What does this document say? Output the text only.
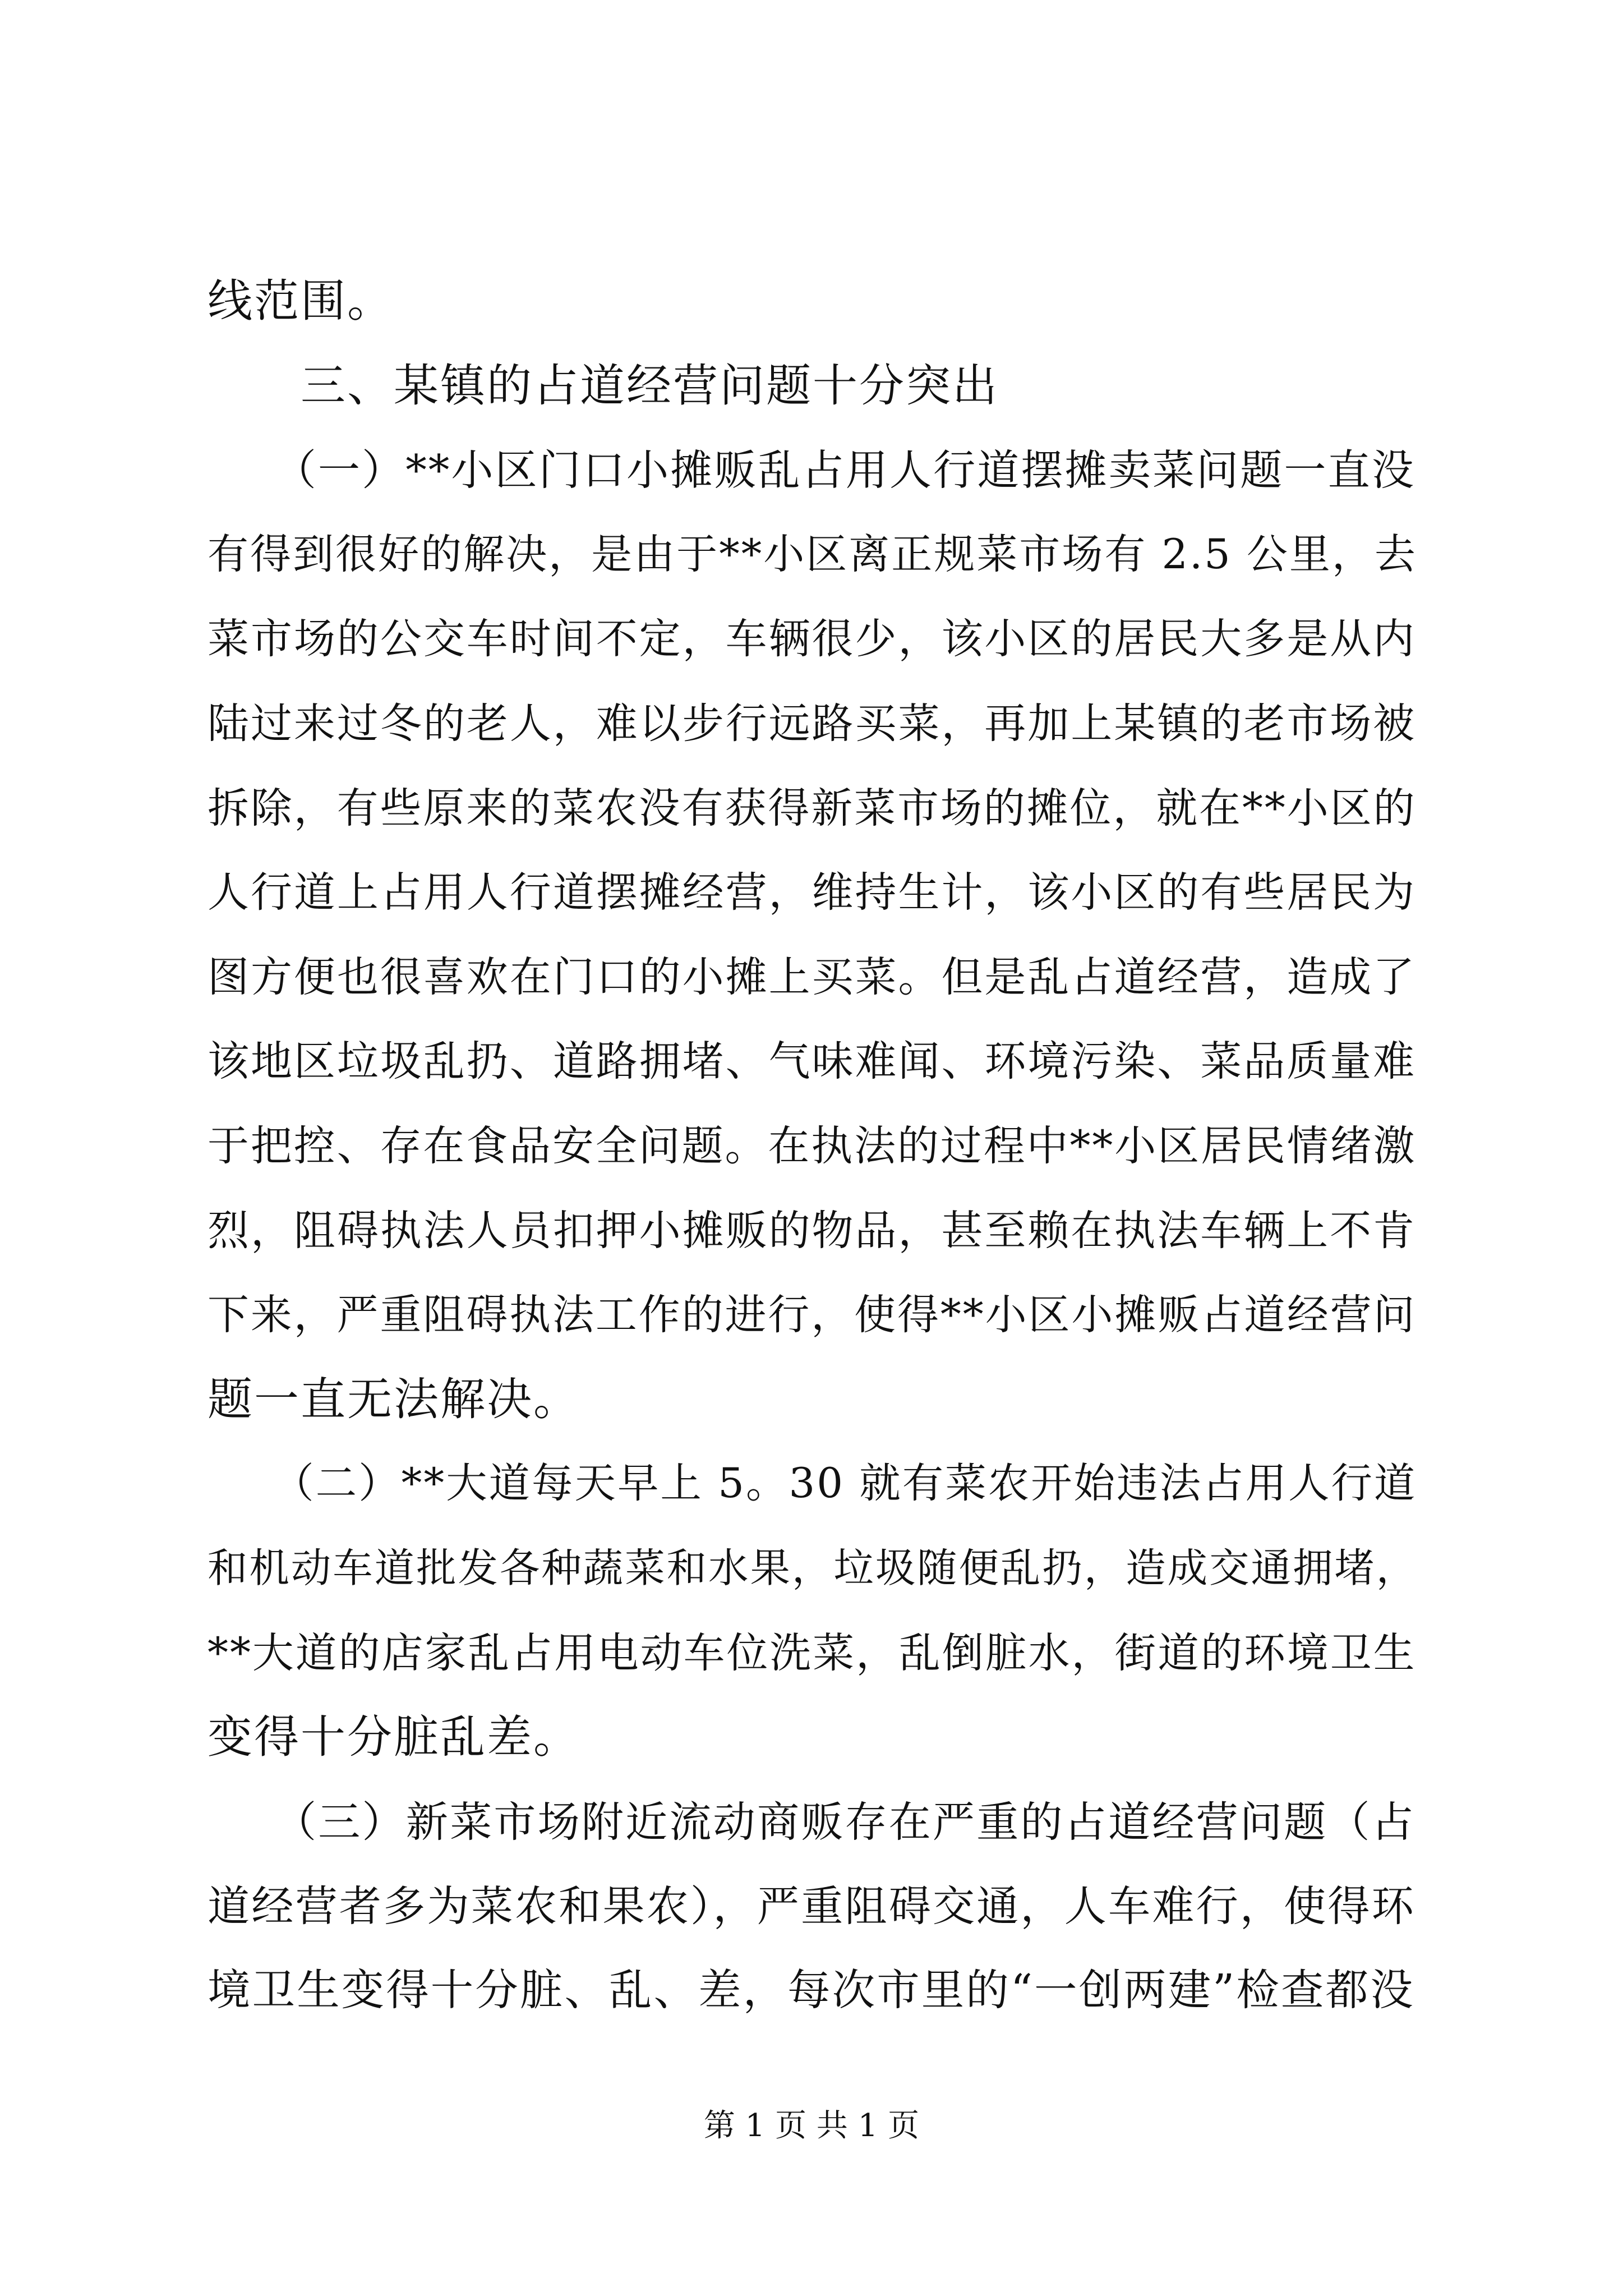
线范围。
　　三、某镇的占道经营问题十分突出
　　（一）**小区门口小摊贩乱占用人行道摆摊卖菜问题一直没
有得到很好的解决，是由于**小区离正规菜市场有 2.5 公里，去
菜市场的公交车时间不定，车辆很少，该小区的居民大多是从内
陆过来过冬的老人，难以步行远路买菜，再加上某镇的老市场被
拆除，有些原来的菜农没有获得新菜市场的摊位，就在**小区的
人行道上占用人行道摆摊经营，维持生计，该小区的有些居民为
图方便也很喜欢在门口的小摊上买菜。但是乱占道经营，造成了
该地区垃圾乱扔、道路拥堵、气味难闻、环境污染、菜品质量难
于把控、存在食品安全问题。在执法的过程中**小区居民情绪激
烈，阻碍执法人员扣押小摊贩的物品，甚至赖在执法车辆上不肯
下来，严重阻碍执法工作的进行，使得**小区小摊贩占道经营问
题一直无法解决。
　　（二）**大道每天早上 5。30 就有菜农开始违法占用人行道
和机动车道批发各种蔬菜和水果，垃圾随便乱扔，造成交通拥堵，
**大道的店家乱占用电动车位洗菜，乱倒脏水，街道的环境卫生
变得十分脏乱差。
　　（三）新菜市场附近流动商贩存在严重的占道经营问题（占
道经营者多为菜农和果农），严重阻碍交通，人车难行，使得环
境卫生变得十分脏、乱、差，每次市里的“一创两建”检查都没
第 1 页 共 1 页
